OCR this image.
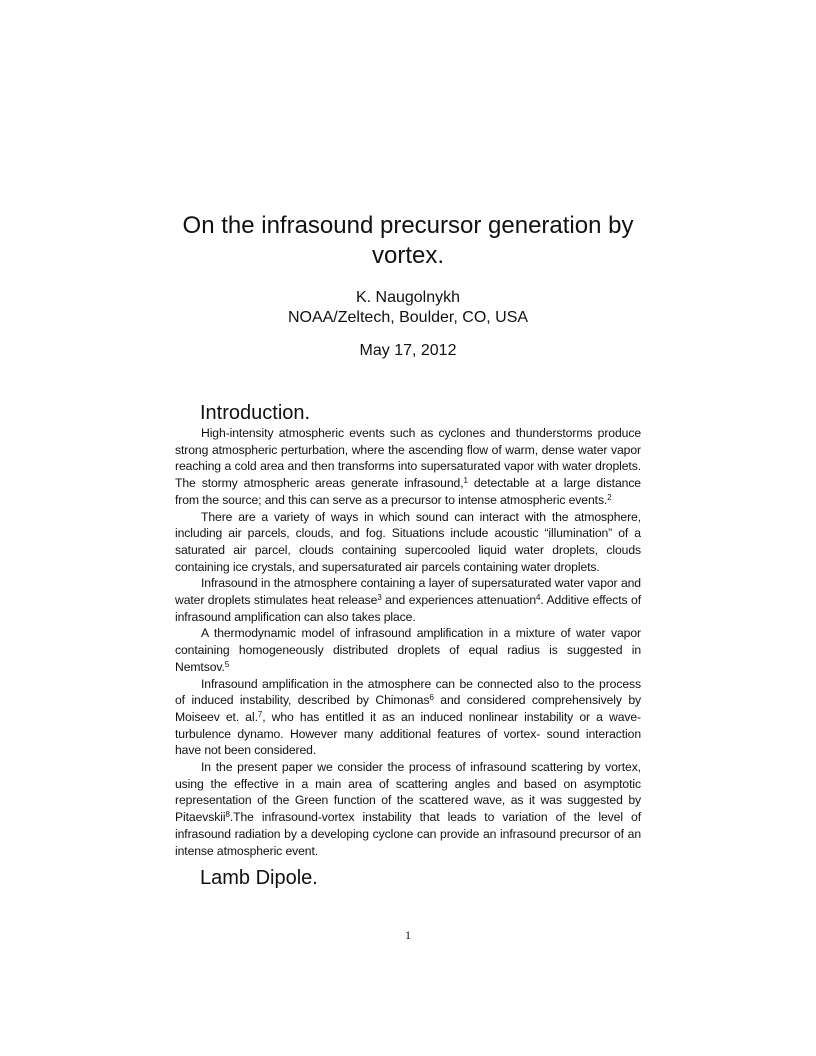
On the infrasound precursor generation by vortex.
K. Naugolnykh
NOAA/Zeltech, Boulder, CO, USA
May 17, 2012
Introduction.

High-intensity atmospheric events such as cyclones and thunderstorms produce strong atmospheric perturbation, where the ascending flow of warm, dense water vapor reaching a cold area and then transforms into supersaturated vapor with water droplets. The stormy atmospheric areas generate infrasound,$^1$ detectable at a large distance from the source; and this can serve as a precursor to intense atmospheric events.$^2$

There are a variety of ways in which sound can interact with the atmosphere, including air parcels, clouds, and fog. Situations include acoustic “illumination” of a saturated air parcel, clouds containing supercooled liquid water droplets, clouds containing ice crystals, and supersaturated air parcels containing water droplets.

Infrasound in the atmosphere containing a layer of supersaturated water vapor and water droplets stimulates heat release$^3$ and experiences attenuation$^4$. Additive effects of infrasound amplification can also takes place.

A thermodynamic model of infrasound amplification in a mixture of water vapor containing homogeneously distributed droplets of equal radius is suggested in Nemtsov.$^5$

Infrasound amplification in the atmosphere can be connected also to the process of induced instability, described by Chimonas$^6$ and considered comprehensively by Moiseev et. al.$^7$, who has entitled it as an induced nonlinear instability or a wave-turbulence dynamo. However many additional features of vortex- sound interaction have not been considered.

In the present paper we consider the process of infrasound scattering by vortex, using the effective in a main area of scattering angles and based on asymptotic representation of the Green function of the scattered wave, as it was suggested by Pitaevskii$^8$.The infrasound-vortex instability that leads to variation of the level of infrasound radiation by a developing cyclone can provide an infrasound precursor of an intense atmospheric event.

Lamb Dipole.
1
